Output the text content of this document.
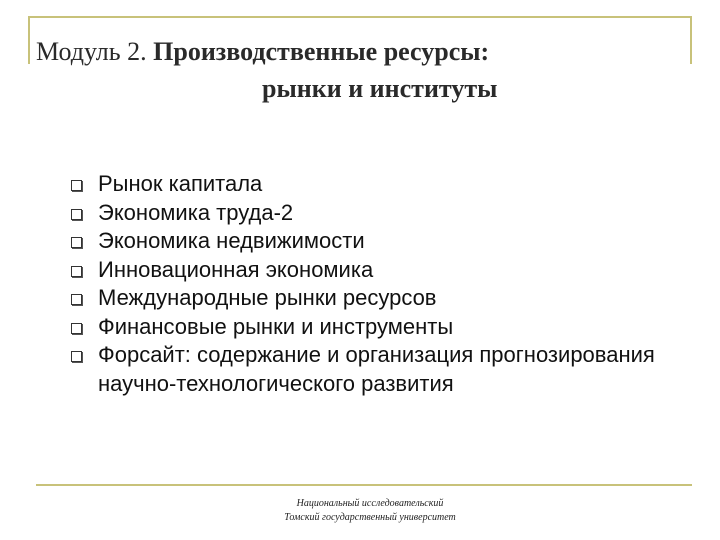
Модуль 2. Производственные ресурсы:
рынки и институты
Рынок капитала
Экономика труда-2
Экономика недвижимости
Инновационная экономика
Международные рынки ресурсов
Финансовые рынки и инструменты
Форсайт: содержание и организация прогнозирования научно-технологического развития
Национальный исследовательский
Томский государственный университет
